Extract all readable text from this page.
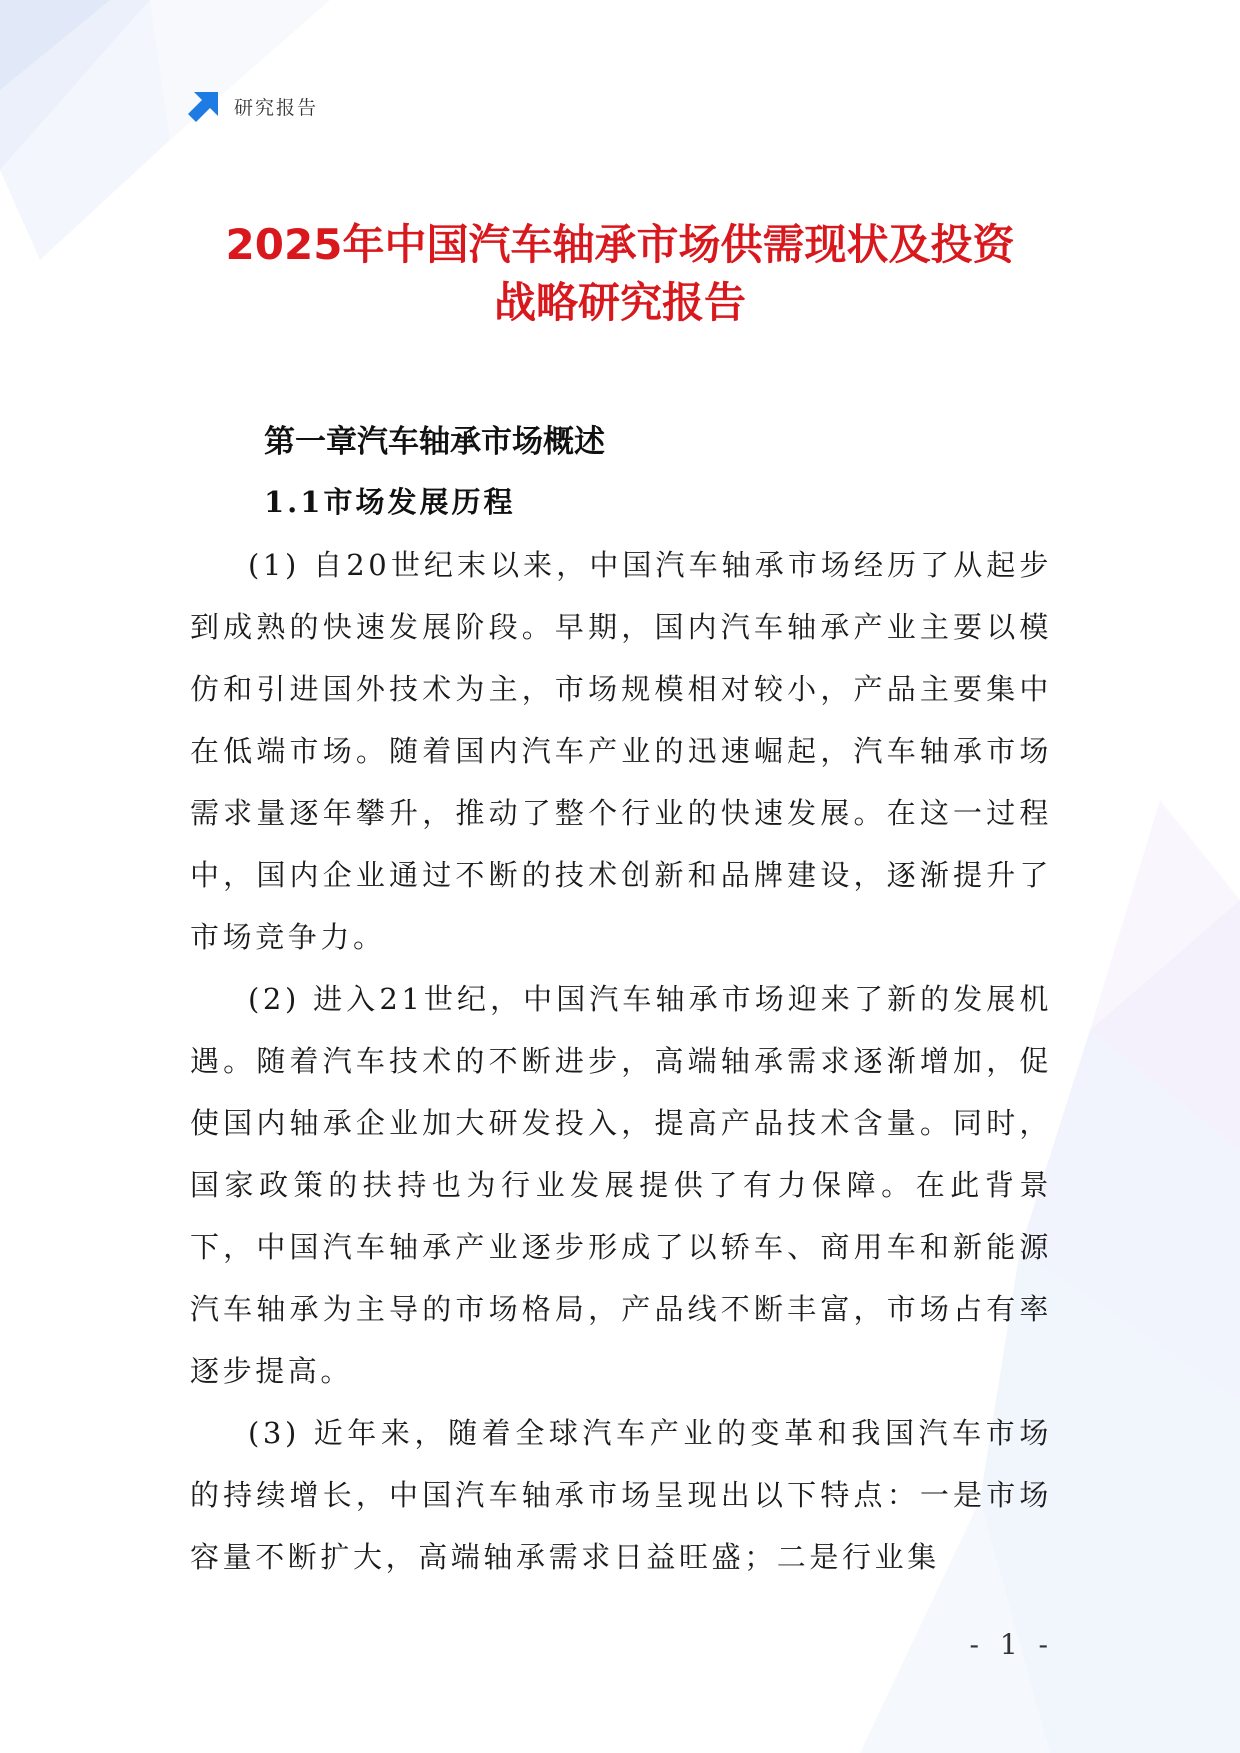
研究报告
2025年中国汽车轴承市场供需现状及投资
战略研究报告
第一章汽车轴承市场概述
1.1市场发展历程

(1) 自20世纪末以来，中国汽车轴承市场经历了从起步到成熟的快速发展阶段。早期，国内汽车轴承产业主要以模仿和引进国外技术为主，市场规模相对较小，产品主要集中在低端市场。随着国内汽车产业的迅速崛起，汽车轴承市场需求量逐年攀升，推动了整个行业的快速发展。在这一过程中，国内企业通过不断的技术创新和品牌建设，逐渐提升了市场竞争力。

(2) 进入21世纪，中国汽车轴承市场迎来了新的发展机遇。随着汽车技术的不断进步，高端轴承需求逐渐增加，促使国内轴承企业加大研发投入，提高产品技术含量。同时，国家政策的扶持也为行业发展提供了有力保障。在此背景下，中国汽车轴承产业逐步形成了以轿车、商用车和新能源汽车轴承为主导的市场格局，产品线不断丰富，市场占有率逐步提高。

(3) 近年来，随着全球汽车产业的变革和我国汽车市场的持续增长，中国汽车轴承市场呈现出以下特点：一是市场容量不断扩大，高端轴承需求日益旺盛；二是行业集

- 1 -
